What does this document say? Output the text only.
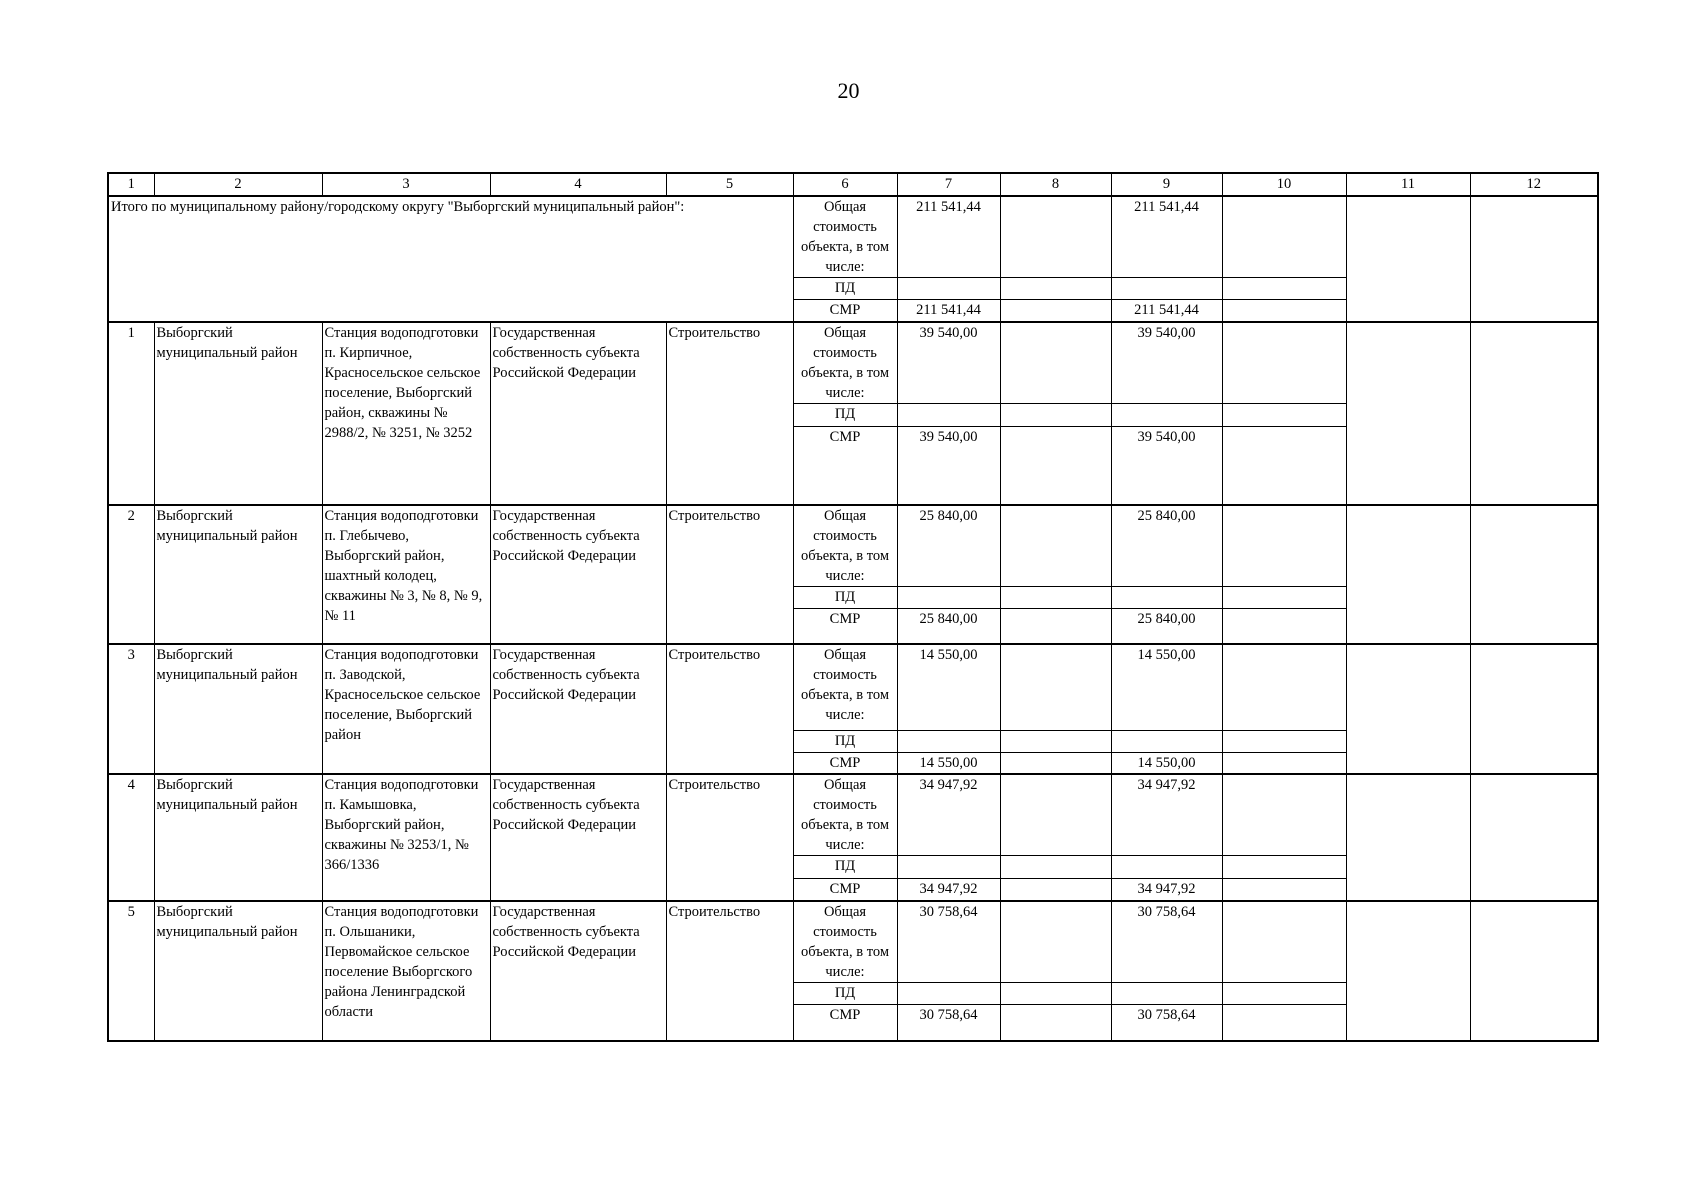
20
1	2	3	4	5	6	7	8	9	10	11	12
Итого по муниципальному району/городскому округу "Выборгский муниципальный район":					Общая стоимость объекта, в том числе:	211 541,44		211 541,44			
					ПД						
					СМР	211 541,44		211 541,44			
1	Выборгский муниципальный район	Станция водоподготовки п. Кирпичное, Красносельское сельское поселение, Выборгский район, скважины № 2988/2, № 3251, № 3252	Государственная собственность субъекта Российской Федерации	Строительство	Общая стоимость объекта, в том числе:	39 540,00		39 540,00			
					ПД						
					СМР	39 540,00		39 540,00			
2	Выборгский муниципальный район	Станция водоподготовки п. Глебычево, Выборгский район, шахтный колодец, скважины № 3, № 8, № 9, № 11	Государственная собственность субъекта Российской Федерации	Строительство	Общая стоимость объекта, в том числе:	25 840,00		25 840,00			
					ПД						
					СМР	25 840,00		25 840,00			
3	Выборгский муниципальный район	Станция водоподготовки п. Заводской, Красносельское сельское поселение, Выборгский район	Государственная собственность субъекта Российской Федерации	Строительство	Общая стоимость объекта, в том числе:	14 550,00		14 550,00			
					ПД						
					СМР	14 550,00		14 550,00			
4	Выборгский муниципальный район	Станция водоподготовки п. Камышовка, Выборгский район, скважины № 3253/1, № 366/1336	Государственная собственность субъекта Российской Федерации	Строительство	Общая стоимость объекта, в том числе:	34 947,92		34 947,92			
					ПД						
					СМР	34 947,92		34 947,92			
5	Выборгский муниципальный район	Станция водоподготовки п. Ольшаники, Первомайское сельское поселение Выборгского района Ленинградской области	Государственная собственность субъекта Российской Федерации	Строительство	Общая стоимость объекта, в том числе:	30 758,64		30 758,64			
					ПД						
					СМР	30 758,64		30 758,64			
